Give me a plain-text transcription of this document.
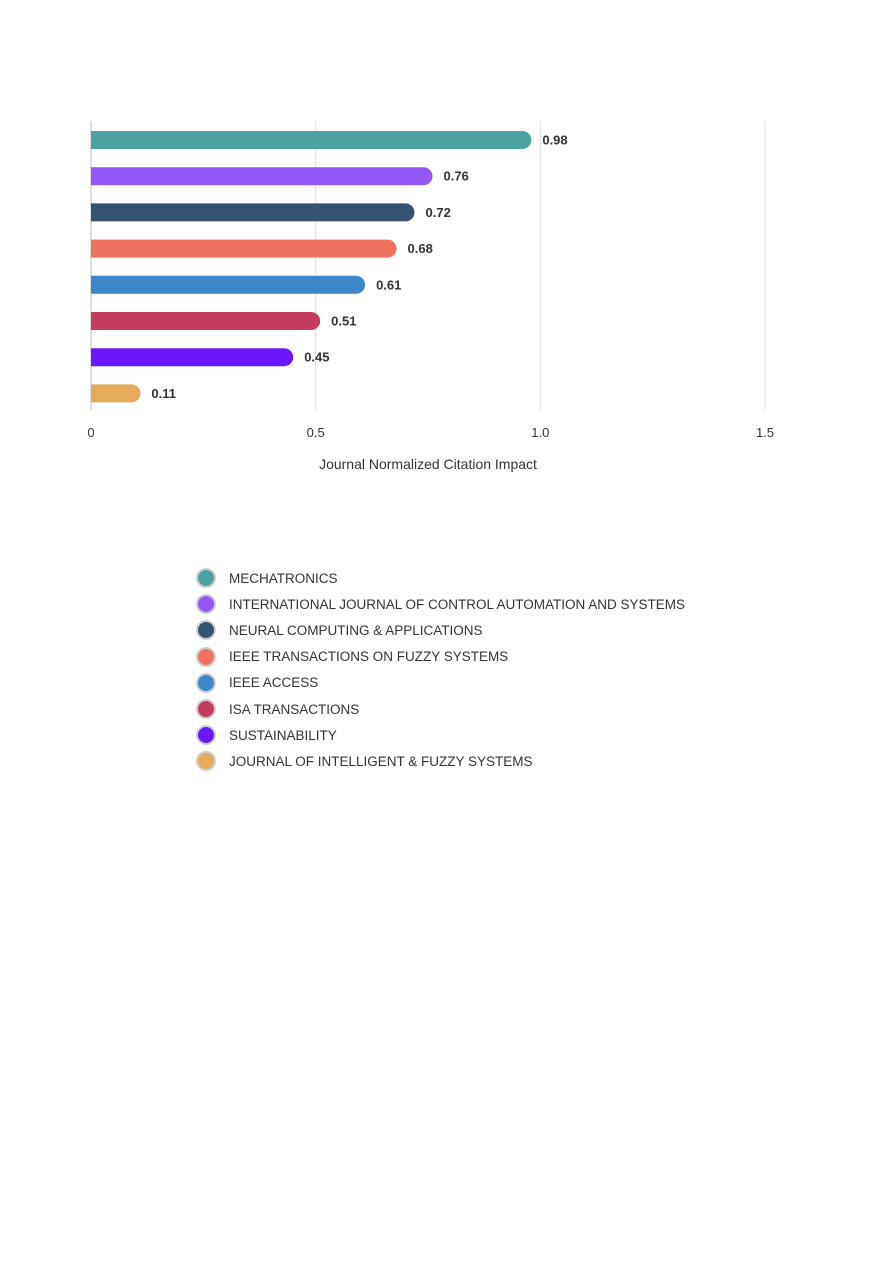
0.98
0.76
0.72
0.68
0.61
0.51
0.45
0.11
0	0.5	1.0	1.5
Journal Normalized Citation Impact
MECHATRONICS
INTERNATIONAL JOURNAL OF CONTROL AUTOMATION AND SYSTEMS
NEURAL COMPUTING & APPLICATIONS
IEEE TRANSACTIONS ON FUZZY SYSTEMS
IEEE ACCESS
ISA TRANSACTIONS
SUSTAINABILITY
JOURNAL OF INTELLIGENT & FUZZY SYSTEMS
